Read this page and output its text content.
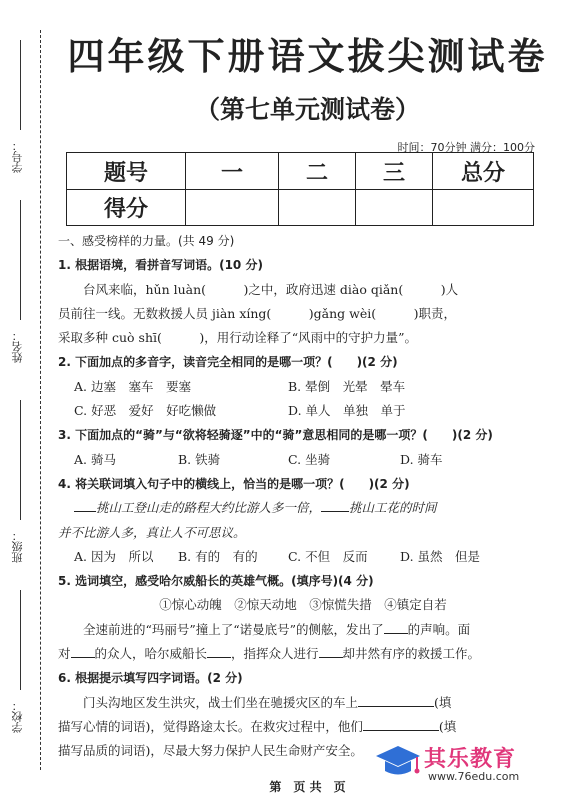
学号：
姓名：
班级：
学校：
四年级下册语文拔尖测试卷
（第七单元测试卷）
时间：70分钟 满分：100分
题号	一	二	三	总分
得分				

一、感受榜样的力量。(共 49 分)

1. 根据语境，看拼音写词语。(10 分)

台风来临，hǔn luàn(　　　)之中，政府迅速 diào qiǎn(　　　)人

员前往一线。无数救援人员 jiàn xíng(　　　)gǎng wèi(　　　)职责，

采取多种 cuò shī(　　　)，用行动诠释了“风雨中的守护力量”。

2. 下面加点的多音字，读音完全相同的是哪一项？(　　)(2 分)

A. 边塞　塞车　要塞	B. 晕倒　光晕　晕车

C. 好恶　爱好　好吃懒做	D. 单人　单独　单于

3. 下面加点的“骑”与“欲将轻骑逐”中的“骑”意思相同的是哪一项？(　　)(2 分)

A. 骑马	B. 铁骑	C. 坐骑	D. 骑车

4. 将关联词填入句子中的横线上，恰当的是哪一项？(　　)(2 分)

挑山工登山走的路程大约比游人多一倍， 挑山工花的时间

并不比游人多，真让人不可思议。

A. 因为　所以	B. 有的　有的	C. 不但　反而	D. 虽然　但是

5. 选词填空，感受哈尔威船长的英雄气概。(填序号)(4 分)

①惊心动魄　②惊天动地　③惊慌失措　④镇定自若

全速前进的“玛丽号”撞上了“诺曼底号”的侧舷，发出了 的声响。面

对 的众人，哈尔威船长 ，指挥众人进行 却井然有序的救援工作。

6. 根据提示填写四字词语。(2 分)

门头沟地区发生洪灾，战士们坐在驰援灾区的车上	(填

描写心情的词语)，觉得路途太长。在救灾过程中，他们	(填

描写品质的词语)，尽最大努力保护人民生命财产安全。

第　页 共　页
其乐教育
www.76edu.com
